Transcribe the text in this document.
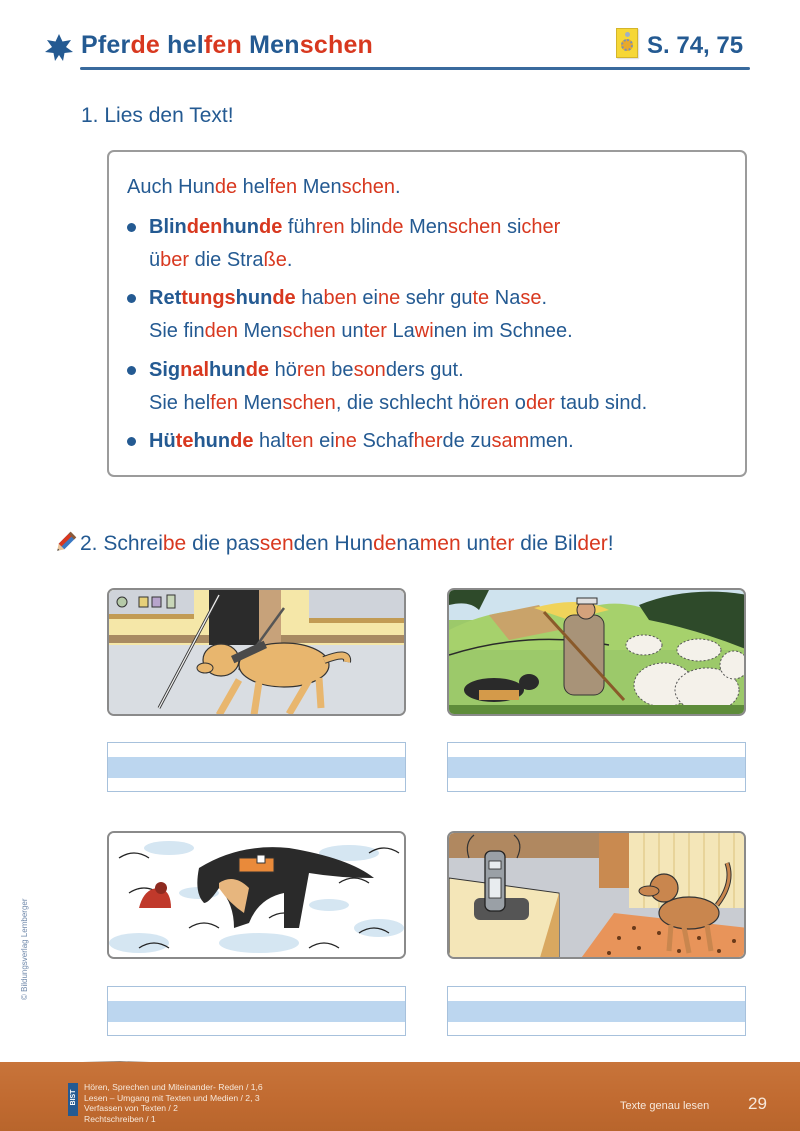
Pferde helfen Menschen	S. 74, 75
1. Lies den Text!
Auch Hunde helfen Menschen.
Blindenhunde führen blinde Menschen sicher
über die Straße.
Rettungshunde haben eine sehr gute Nase.
Sie finden Menschen unter Lawinen im Schnee.
Signalhunde hören besonders gut.
Sie helfen Menschen, die schlecht hören oder taub sind.
Hütehunde halten eine Schafherde zusammen.
2. Schreibe die passenden Hundenamen unter die Bilder!
© Bildungsverlag Lemberger
BIST
Hören, Sprechen und Miteinander- Reden / 1,6
Lesen – Umgang mit Texten und Medien / 2, 3
Verfassen von Texten / 2
Rechtschreiben / 1
Texte genau lesen 29
